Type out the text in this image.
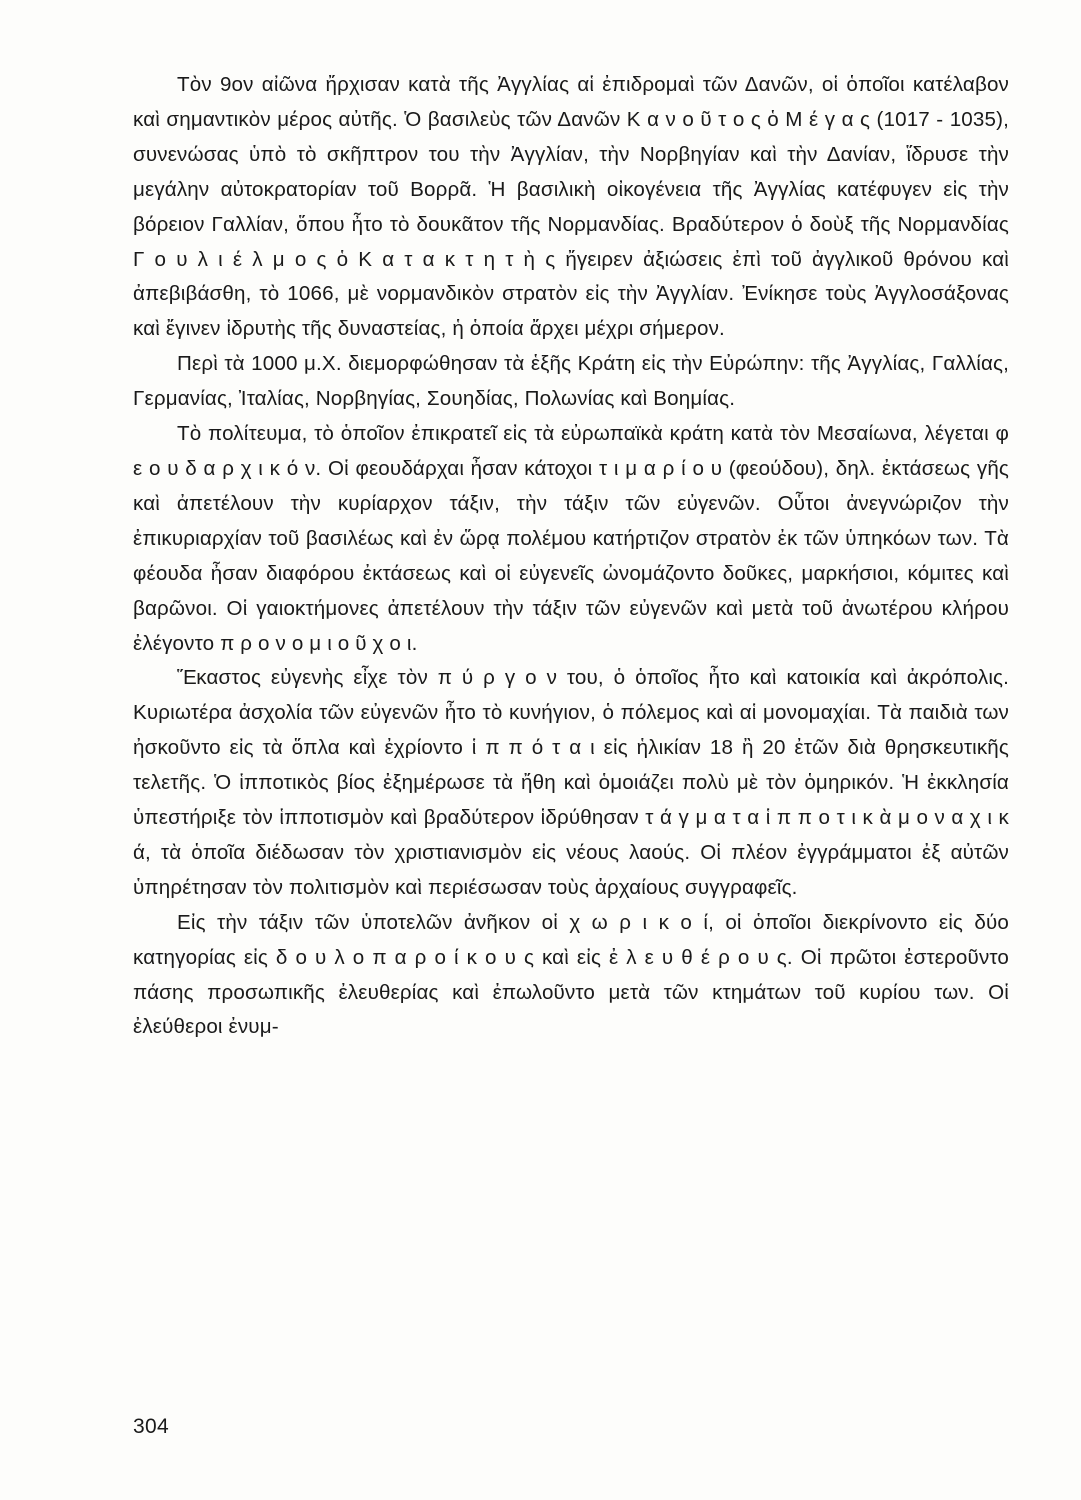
Τὸν 9ον αἰῶνα ἤρχισαν κατὰ τῆς Ἀγγλίας αἱ ἐπιδρομαὶ τῶν Δανῶν, οἱ ὁποῖοι κατέλαβον καὶ σημαντικὸν μέρος αὐτῆς. Ὁ βασιλεὺς τῶν Δανῶν Κ α ν ο ῦ τ ο ς ὁ Μ έ γ α ς (1017 - 1035), συνενώσας ὑπὸ τὸ σκῆπτρον του τὴν Ἀγγλίαν, τὴν Νορβηγίαν καὶ τὴν Δανίαν, ἵδρυσε τὴν μεγάλην αὐτοκρατορίαν τοῦ Βορρᾶ. Ἡ βασιλικὴ οἰκογένεια τῆς Ἀγγλίας κατέφυγεν εἰς τὴν βόρειον Γαλλίαν, ὅπου ἦτο τὸ δουκᾶτον τῆς Νορμανδίας. Βραδύτερον ὁ δοὺξ τῆς Νορμανδίας Γ ο υ λ ι έ λ μ ο ς ὁ Κ α τ α κ τ η τ ὴ ς ἤγειρεν ἀξιώσεις ἐπὶ τοῦ ἀγγλικοῦ θρόνου καὶ ἀπεβιβάσθη, τὸ 1066, μὲ νορμανδικὸν στρατὸν εἰς τὴν Ἀγγλίαν. Ἐνίκησε τοὺς Ἀγγλοσάξονας καὶ ἔγινεν ἱδρυτὴς τῆς δυναστείας, ἡ ὁποία ἄρχει μέχρι σήμερον.

Περὶ τὰ 1000 μ.Χ. διεμορφώθησαν τὰ ἑξῆς Κράτη εἰς τὴν Εὐρώπην: τῆς Ἀγγλίας, Γαλλίας, Γερμανίας, Ἰταλίας, Νορβηγίας, Σουηδίας, Πολωνίας καὶ Βοημίας.

Τὸ πολίτευμα, τὸ ὁποῖον ἐπικρατεῖ εἰς τὰ εὐρωπαϊκὰ κράτη κατὰ τὸν Μεσαίωνα, λέγεται φ ε ο υ δ α ρ χ ι κ ό ν. Οἱ φεουδάρχαι ἦσαν κάτοχοι τ ι μ α ρ ί ο υ (φεούδου), δηλ. ἐκτάσεως γῆς καὶ ἀπετέλουν τὴν κυρίαρχον τάξιν, τὴν τάξιν τῶν εὐγενῶν. Οὗτοι ἀνεγνώριζον τὴν ἐπικυριαρχίαν τοῦ βασιλέως καὶ ἐν ὥρᾳ πολέμου κατήρτιζον στρατὸν ἐκ τῶν ὑπηκόων των. Τὰ φέουδα ἦσαν διαφόρου ἐκτάσεως καὶ οἱ εὐγενεῖς ὠνομάζοντο δοῦκες, μαρκήσιοι, κόμιτες καὶ βαρῶνοι. Οἱ γαιοκτήμονες ἀπετέλουν τὴν τάξιν τῶν εὐγενῶν καὶ μετὰ τοῦ ἀνωτέρου κλήρου ἐλέγοντο π ρ ο ν ο μ ι ο ῦ χ ο ι.

Ἕκαστος εὐγενὴς εἶχε τὸν π ύ ρ γ ο ν του, ὁ ὁποῖος ἦτο καὶ κατοικία καὶ ἀκρόπολις. Κυριωτέρα ἀσχολία τῶν εὐγενῶν ἦτο τὸ κυνήγιον, ὁ πόλεμος καὶ αἱ μονομαχίαι. Τὰ παιδιὰ των ἠσκοῦντο εἰς τὰ ὅπλα καὶ ἐχρίοντο ἱ π π ό τ α ι εἰς ἡλικίαν 18 ἢ 20 ἐτῶν διὰ θρησκευτικῆς τελετῆς. Ὁ ἱπποτικὸς βίος ἐξημέρωσε τὰ ἤθη καὶ ὁμοιάζει πολὺ μὲ τὸν ὁμηρικόν. Ἡ ἐκκλησία ὑπεστήριξε τὸν ἱπποτισμὸν καὶ βραδύτερον ἱδρύθησαν τ ά γ μ α τ α ἱ π π ο τ ι κ ὰ μ ο ν α χ ι κ ά, τὰ ὁποῖα διέδωσαν τὸν χριστιανισμὸν εἰς νέους λαούς. Οἱ πλέον ἐγγράμματοι ἐξ αὐτῶν ὑπηρέτησαν τὸν πολιτισμὸν καὶ περιέσωσαν τοὺς ἀρχαίους συγγραφεῖς.

Εἰς τὴν τάξιν τῶν ὑποτελῶν ἀνῆκον οἱ χ ω ρ ι κ ο ί, οἱ ὁποῖοι διεκρίνοντο εἰς δύο κατηγορίας εἰς δ ο υ λ ο π α ρ ο ί κ ο υ ς καὶ εἰς ἐ λ ε υ θ έ ρ ο υ ς. Οἱ πρῶτοι ἐστεροῦντο πάσης προσωπικῆς ἐλευθερίας καὶ ἐπωλοῦντο μετὰ τῶν κτημάτων τοῦ κυρίου των. Οἱ ἐλεύθεροι ἐνυμ-

304
